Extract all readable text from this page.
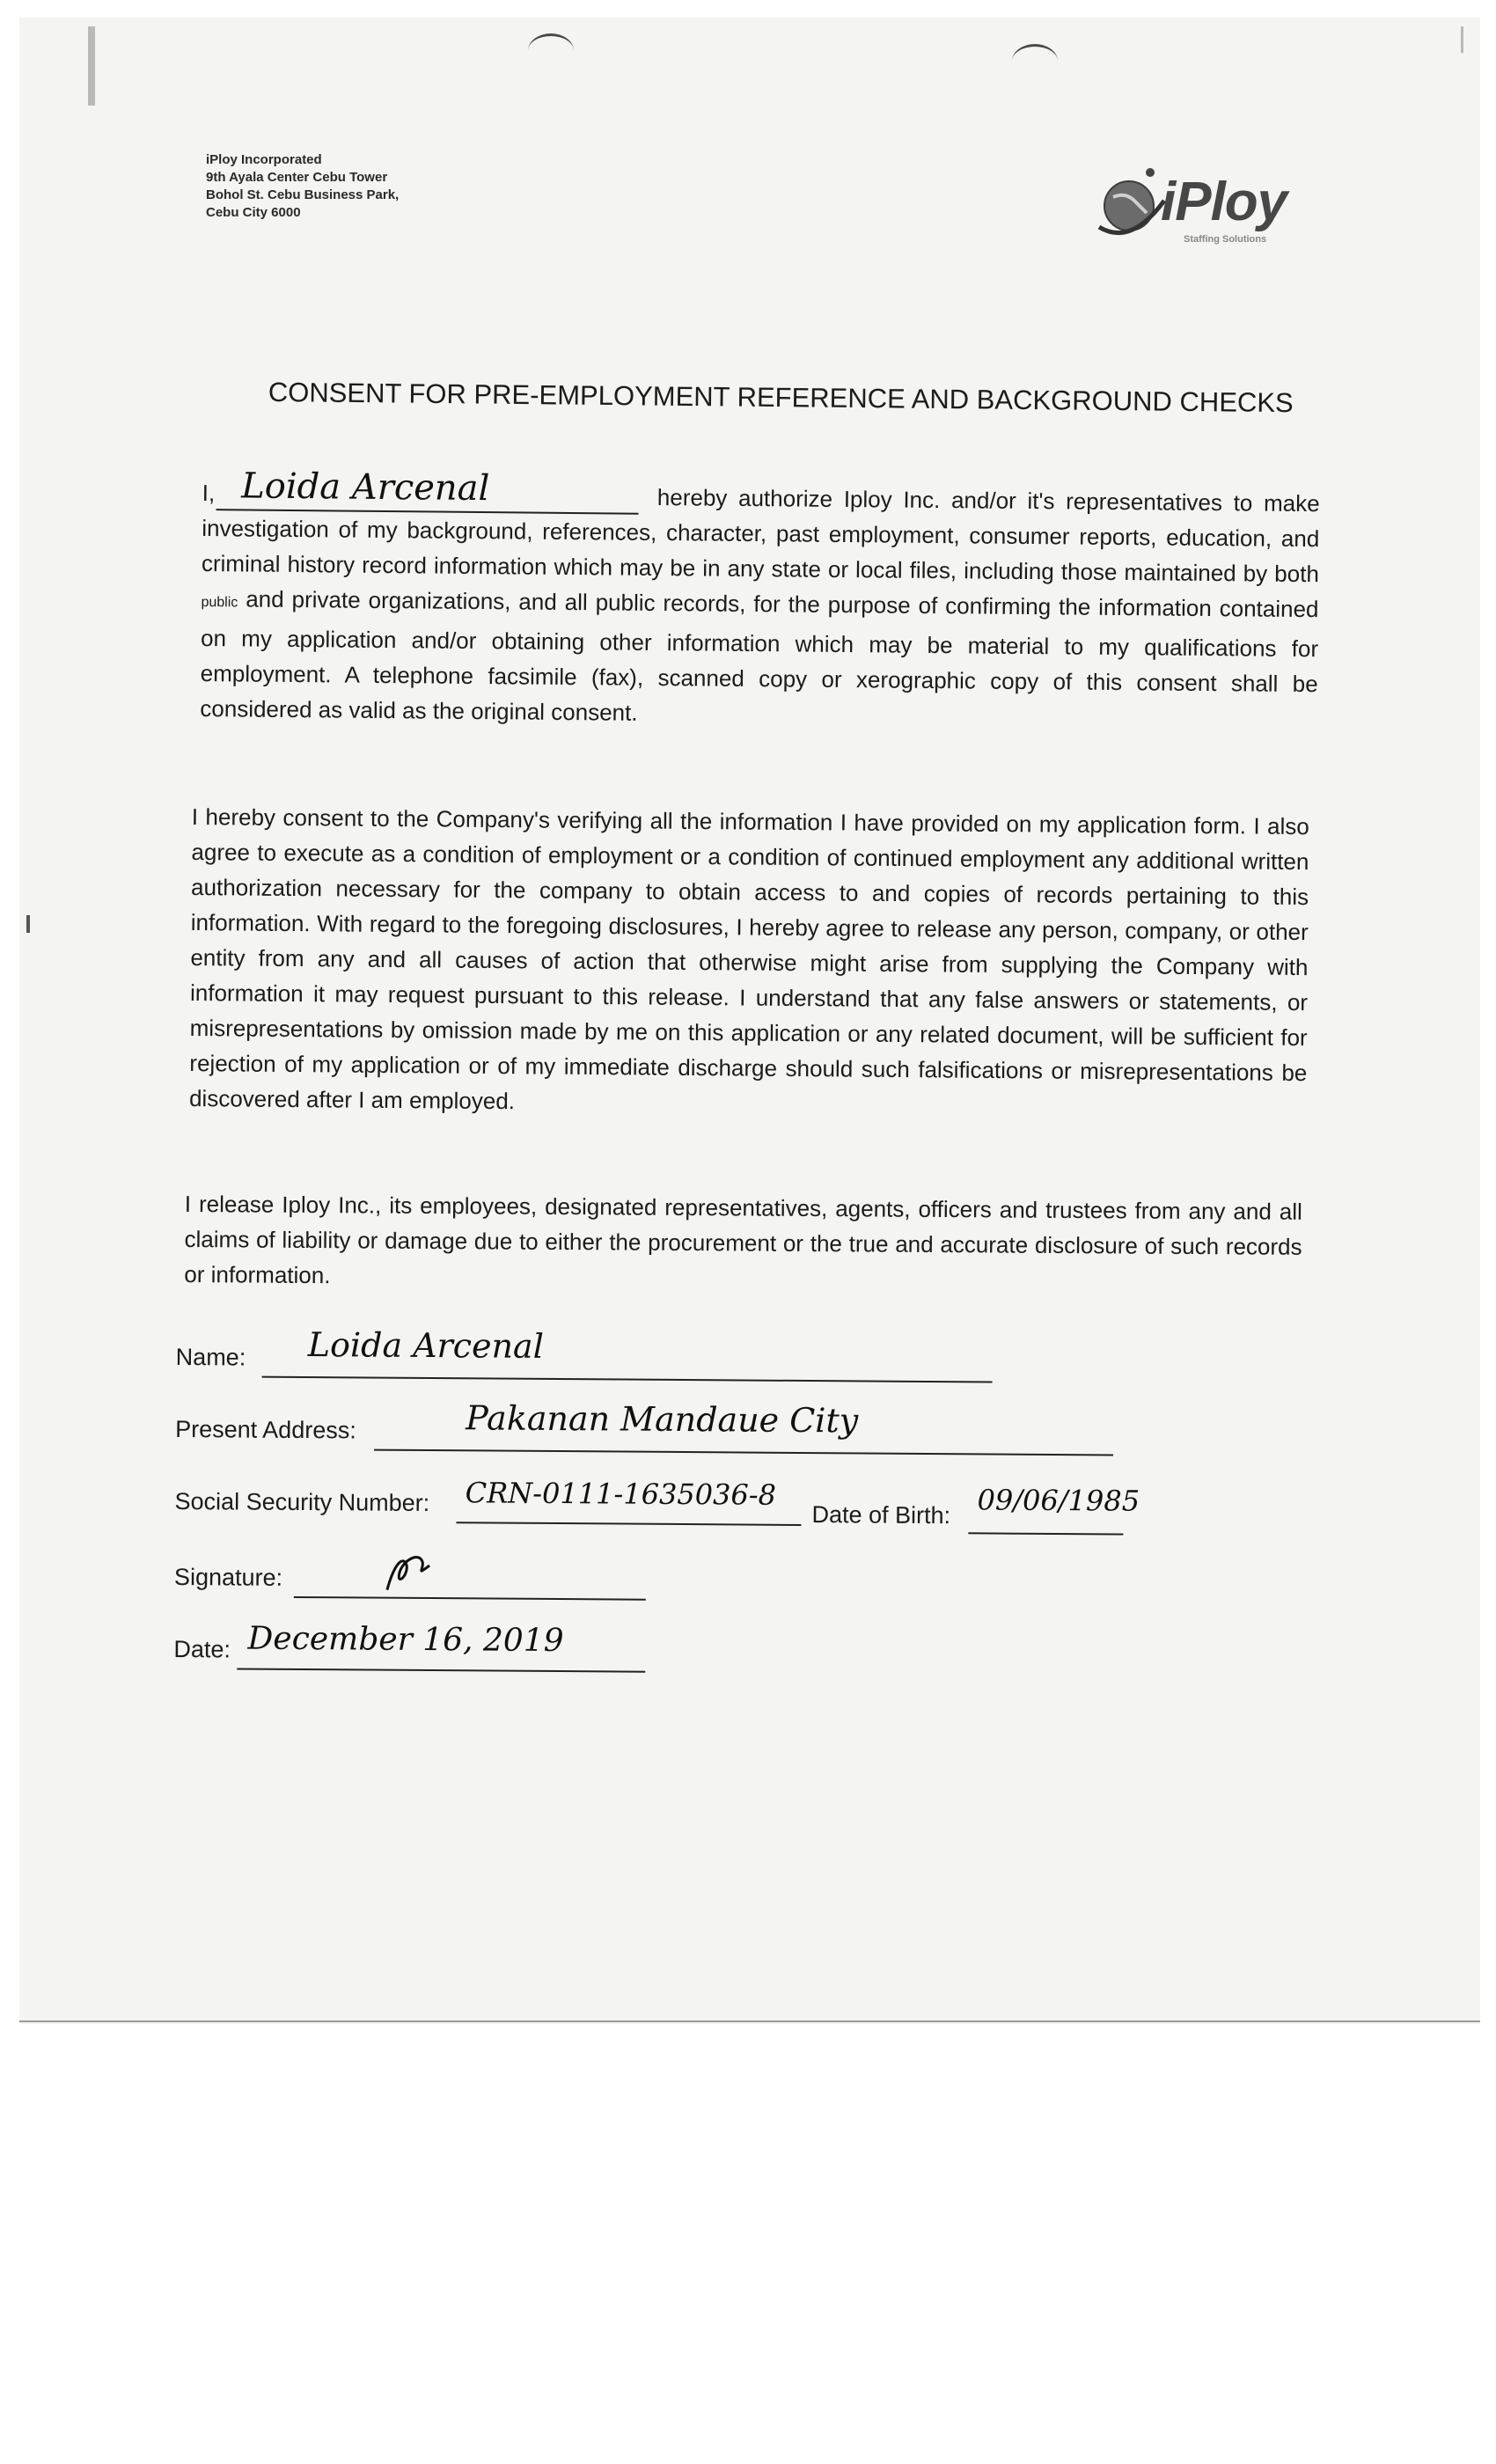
iPloy Incorporated
9th Ayala Center Cebu Tower
Bohol St. Cebu Business Park,
Cebu City 6000	iPloy
Staffing Solutions
CONSENT FOR PRE-EMPLOYMENT REFERENCE AND BACKGROUND CHECKS
I, Loida Arcenal	hereby authorize Iploy Inc. and/or it's representatives to make investigation of my background, references, character, past employment, consumer reports, education, and criminal history record information which may be in any state or local files, including those maintained by both public and private organizations, and all public records, for the purpose of confirming the information contained on my application and/or obtaining other information which may be material to my qualifications for employment. A telephone facsimile (fax), scanned copy or xerographic copy of this consent shall be considered as valid as the original consent.
I hereby consent to the Company's verifying all the information I have provided on my application form. I also agree to execute as a condition of employment or a condition of continued employment any additional written authorization necessary for the company to obtain access to and copies of records pertaining to this information. With regard to the foregoing disclosures, I hereby agree to release any person, company, or other entity from any and all causes of action that otherwise might arise from supplying the Company with information it may request pursuant to this release. I understand that any false answers or statements, or misrepresentations by omission made by me on this application or any related document, will be sufficient for rejection of my application or of my immediate discharge should such falsifications or misrepresentations be discovered after I am employed.
I release Iploy Inc., its employees, designated representatives, agents, officers and trustees from any and all claims of liability or damage due to either the procurement or the true and accurate disclosure of such records or information.
Name: Loida Arcenal
Present Address:	Pakanan Mandaue City
Social Security Number: CRN-0111-1635036-8
Date of Birth: 09/06/1985
Signature:
Date: December 16, 2019
